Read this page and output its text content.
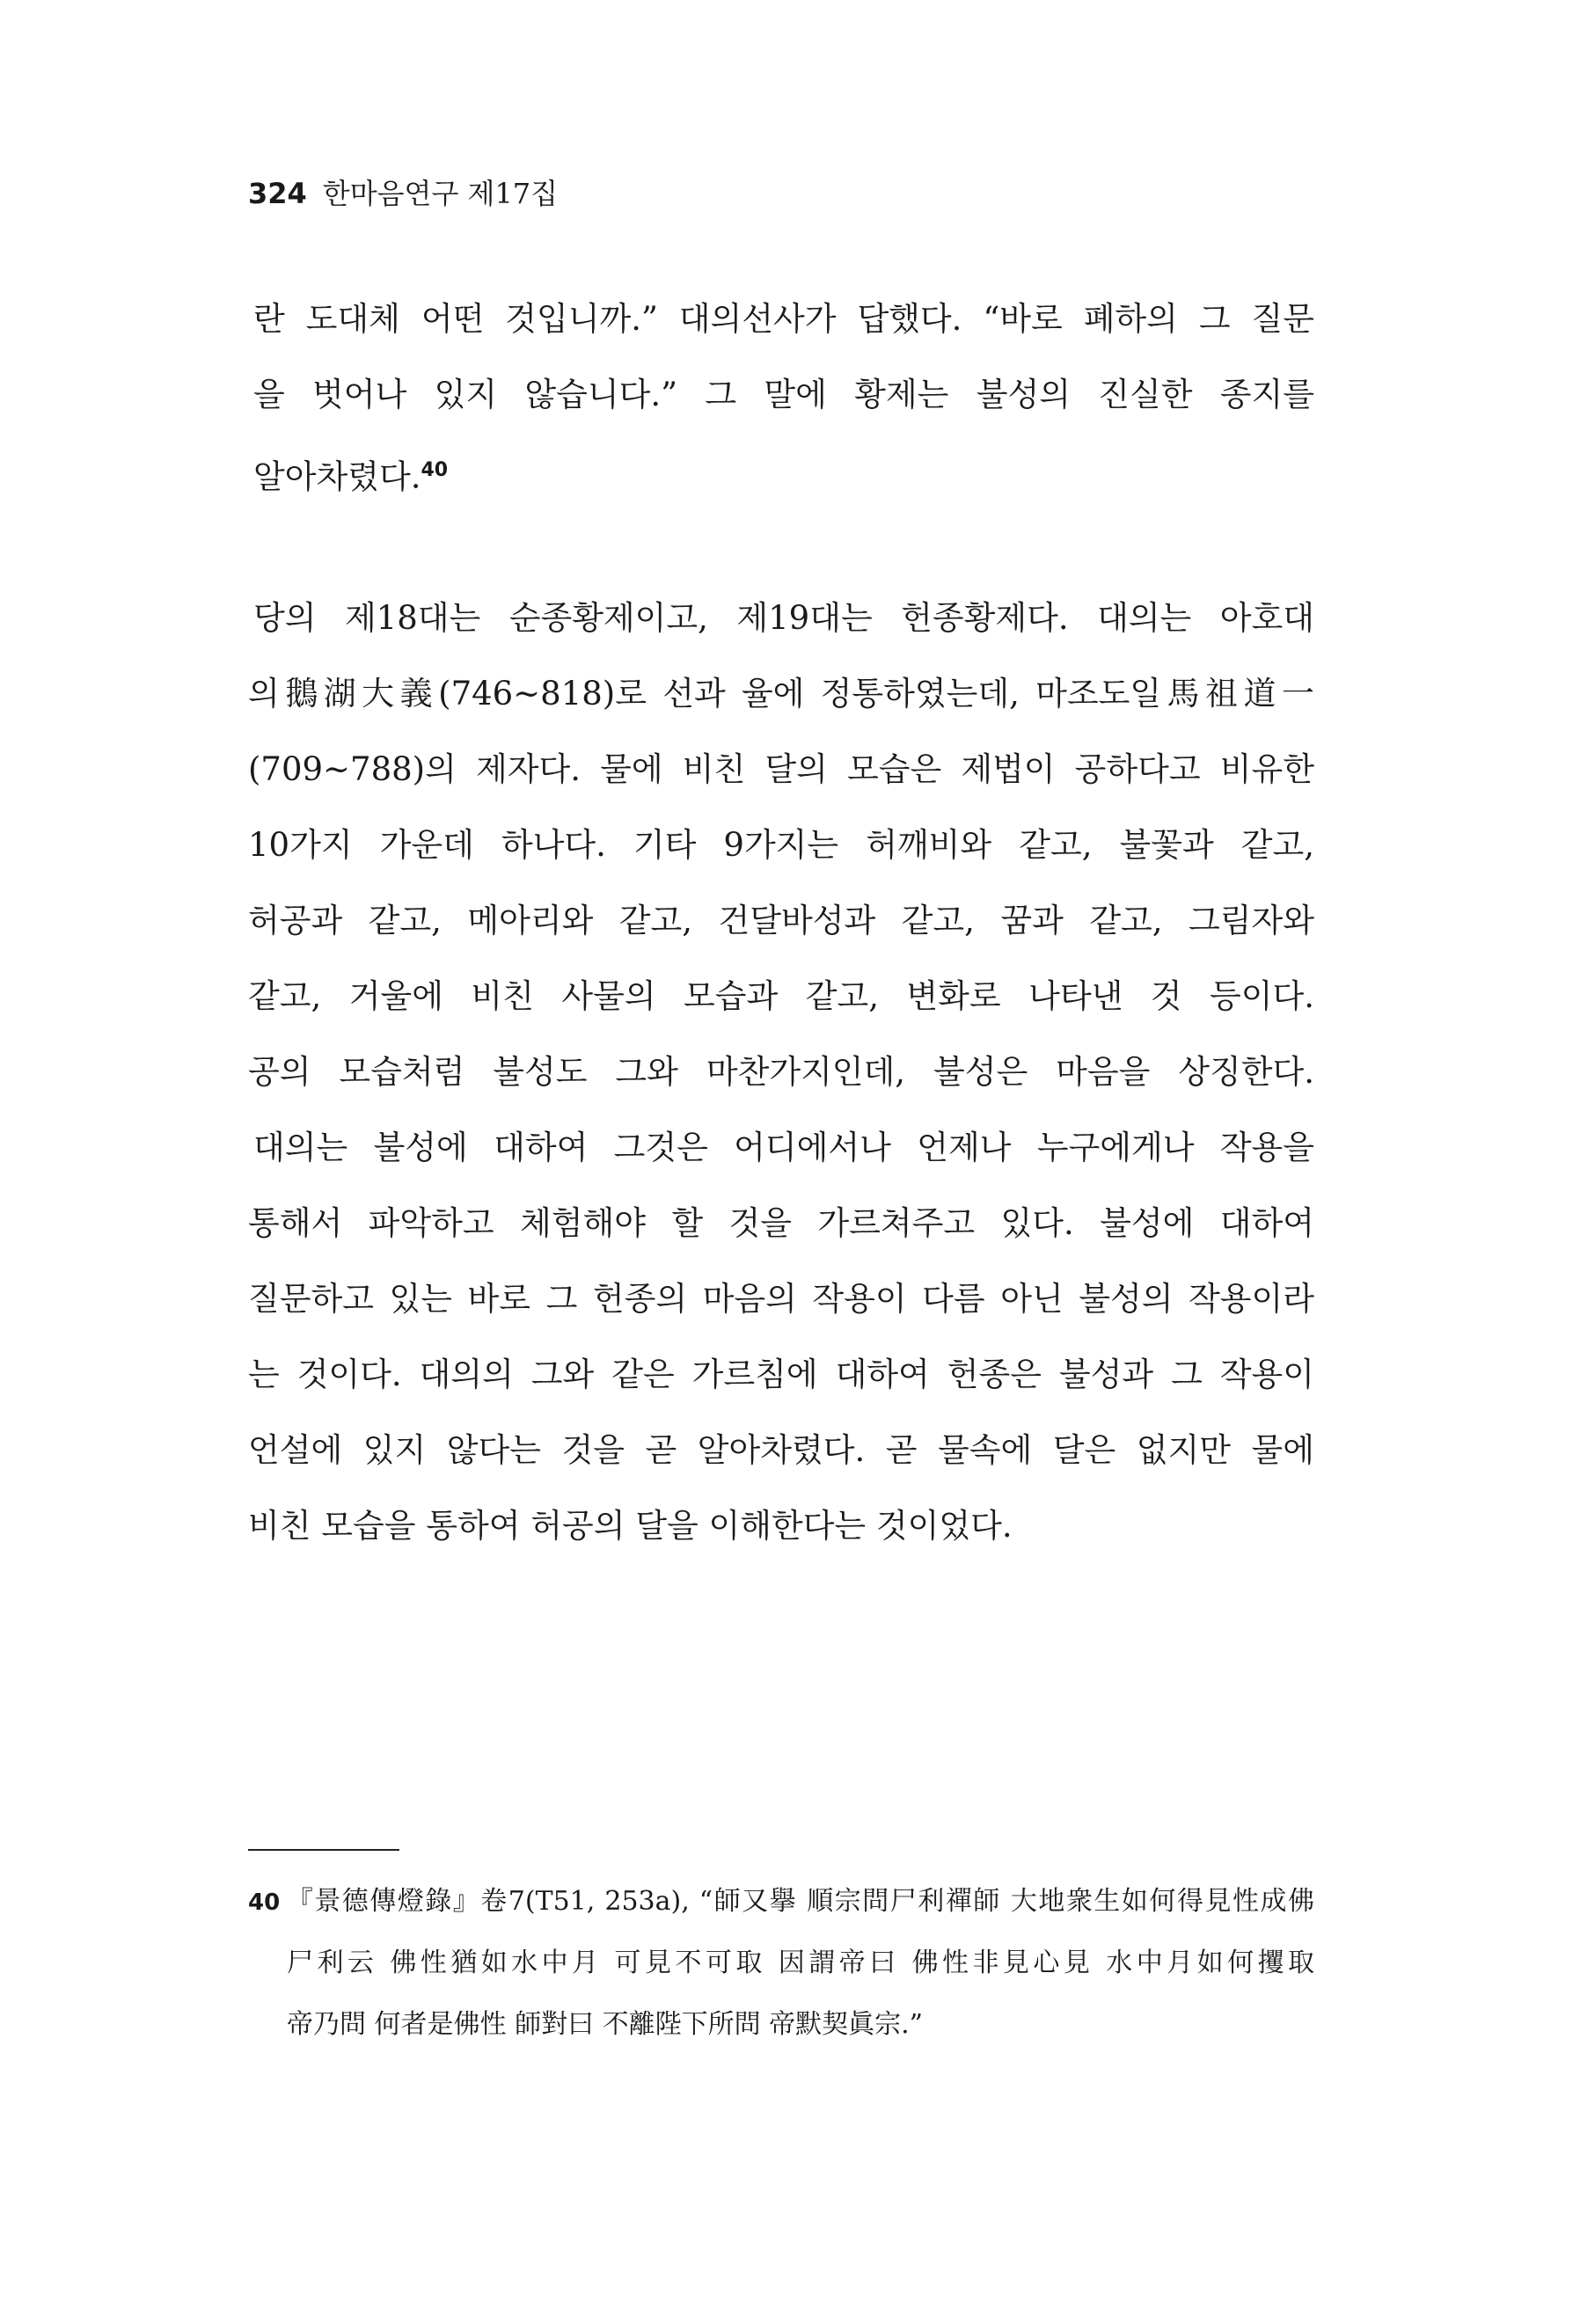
324 한마음연구 제17집
란 도대체 어떤 것입니까.” 대의선사가 답했다. “바로 폐하의 그 질문
을 벗어나 있지 않습니다.” 그 말에 황제는 불성의 진실한 종지를
알아차렸다.$^{40}$
당의 제18대는 순종황제이고, 제19대는 헌종황제다. 대의는 아호대
의鵝湖大義(746~818)로 선과 율에 정통하였는데, 마조도일馬祖道一
(709~788)의 제자다. 물에 비친 달의 모습은 제법이 공하다고 비유한
10가지 가운데 하나다. 기타 9가지는 허깨비와 같고, 불꽃과 같고,
허공과 같고, 메아리와 같고, 건달바성과 같고, 꿈과 같고, 그림자와
같고, 거울에 비친 사물의 모습과 같고, 변화로 나타낸 것 등이다.
공의 모습처럼 불성도 그와 마찬가지인데, 불성은 마음을 상징한다.
대의는 불성에 대하여 그것은 어디에서나 언제나 누구에게나 작용을
통해서 파악하고 체험해야 할 것을 가르쳐주고 있다. 불성에 대하여
질문하고 있는 바로 그 헌종의 마음의 작용이 다름 아닌 불성의 작용이라
는 것이다. 대의의 그와 같은 가르침에 대하여 헌종은 불성과 그 작용이
언설에 있지 않다는 것을 곧 알아차렸다. 곧 물속에 달은 없지만 물에
비친 모습을 통하여 허공의 달을 이해한다는 것이었다.
40 『景德傳燈錄』卷7(T51, 253a), “師又擧 順宗問尸利禪師 大地衆生如何得見性成佛
尸利云 佛性猶如水中月 可見不可取 因謂帝曰 佛性非見心見 水中月如何攫取
帝乃問 何者是佛性 師對曰 不離陛下所問 帝默契眞宗.”
